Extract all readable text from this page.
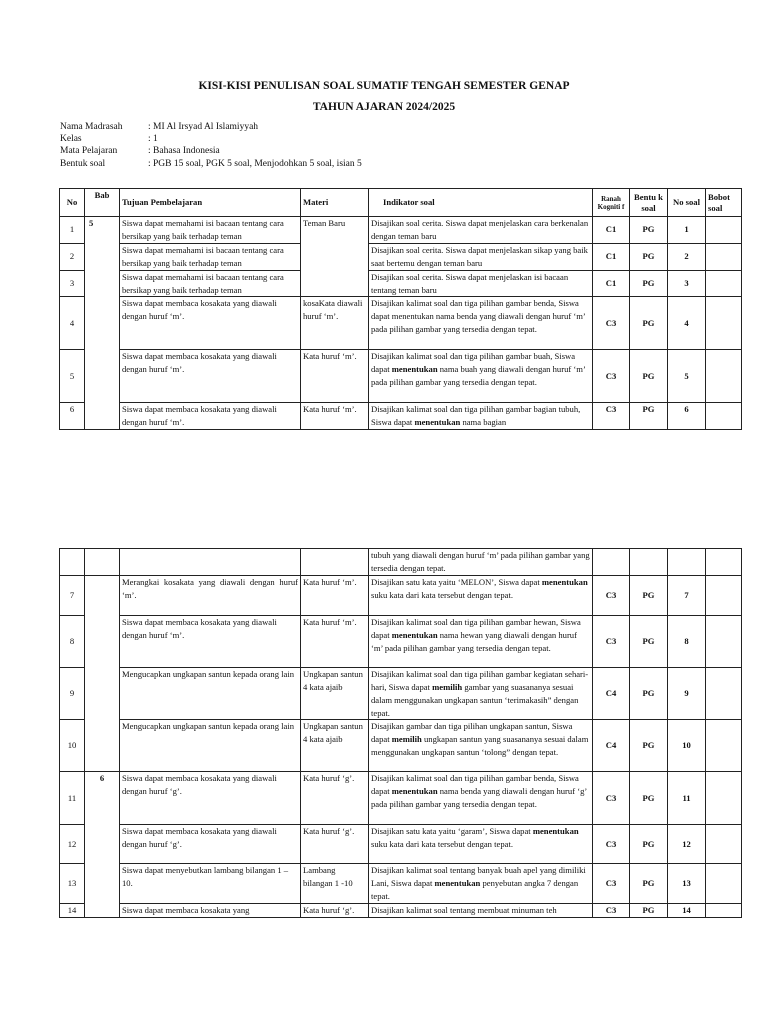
KISI-KISI PENULISAN SOAL SUMATIF TENGAH SEMESTER GENAP
TAHUN AJARAN 2024/2025
Nama Madrasah	: MI Al Irsyad Al Islamiyyah
Kelas	: 1
Mata Pelajaran	: Bahasa Indonesia
Bentuk soal	: PGB 15 soal, PGK 5 soal, Menjodohkan 5 soal, isian 5
No	Bab	Tujuan Pembelajaran	Materi	Indikator soal	Ranah Kogniti f	Bentu k soal	No soal	Bobot soal
1	5	Siswa dapat memahami isi bacaan tentang cara bersikap yang baik terhadap teman	Teman Baru	Disajikan soal cerita. Siswa dapat menjelaskan cara berkenalan dengan teman baru	C1	PG	1	
2		Siswa dapat memahami isi bacaan tentang cara bersikap yang baik terhadap teman		Disajikan soal cerita. Siswa dapat menjelaskan sikap yang baik saat bertemu dengan teman baru	C1	PG	2	
3		Siswa dapat memahami isi bacaan tentang cara bersikap yang baik terhadap teman		Disajikan soal cerita. Siswa dapat menjelaskan isi bacaan tentang teman baru	C1	PG	3	
4		Siswa dapat membaca kosakata yang diawali dengan huruf ‘m’.	kosaKata diawali huruf ‘m’.	Disajikan kalimat soal dan tiga pilihan gambar benda, Siswa dapat menentukan nama benda yang diawali dengan huruf ‘m’ pada pilihan gambar yang tersedia dengan tepat.	C3	PG	4	
5		Siswa dapat membaca kosakata yang diawali dengan huruf ‘m’.	Kata huruf ‘m’.	Disajikan kalimat soal dan tiga pilihan gambar buah, Siswa dapat menentukan nama buah yang diawali dengan huruf ‘m’ pada pilihan gambar yang tersedia dengan tepat.	C3	PG	5	
6		Siswa dapat membaca kosakata yang diawali dengan huruf ‘m’.	Kata huruf ‘m’.	Disajikan kalimat soal dan tiga pilihan gambar bagian tubuh, Siswa dapat menentukan nama bagian	C3	PG	6	
				tubuh yang diawali dengan huruf ‘m’ pada pilihan gambar yang tersedia dengan tepat.				
7		Merangkai kosakata yang diawali dengan huruf ‘m’.	Kata huruf ‘m’.	Disajikan satu kata yaitu ‘MELON’, Siswa dapat menentukan suku kata dari kata tersebut dengan tepat.	C3	PG	7	
8		Siswa dapat membaca kosakata yang diawali dengan huruf ‘m’.	Kata huruf ‘m’.	Disajikan kalimat soal dan tiga pilihan gambar hewan, Siswa dapat menentukan nama hewan yang diawali dengan huruf ‘m’ pada pilihan gambar yang tersedia dengan tepat.	C3	PG	8	
9		Mengucapkan ungkapan santun kepada orang lain	Ungkapan santun 4 kata ajaib	Disajikan kalimat soal dan tiga pilihan gambar kegiatan sehari-hari, Siswa dapat memilih gambar yang suasananya sesuai dalam menggunakan ungkapan santun ‘terimakasih” dengan tepat.	C4	PG	9	
10		Mengucapkan ungkapan santun kepada orang lain	Ungkapan santun 4 kata ajaib	Disajikan gambar dan tiga pilihan ungkapan santun, Siswa dapat memilih ungkapan santun yang suasananya sesuai dalam menggunakan ungkapan santun ‘tolong” dengan tepat.	C4	PG	10	
11	6	Siswa dapat membaca kosakata yang diawali dengan huruf ‘g’.	Kata huruf ‘g’.	Disajikan kalimat soal dan tiga pilihan gambar benda, Siswa dapat menentukan nama benda yang diawali dengan huruf ‘g’ pada pilihan gambar yang tersedia dengan tepat.	C3	PG	11	
12		Siswa dapat membaca kosakata yang diawali dengan huruf ‘g’.	Kata huruf ‘g’.	Disajikan satu kata yaitu ‘garam’, Siswa dapat menentukan suku kata dari kata tersebut dengan tepat.	C3	PG	12	
13		Siswa dapat menyebutkan lambang bilangan 1 – 10.	Lambang bilangan 1 -10	Disajikan kalimat soal tentang banyak buah apel yang dimiliki Lani, Siswa dapat menentukan penyebutan angka 7 dengan tepat.	C3	PG	13	
14		Siswa dapat membaca kosakata yang	Kata huruf ‘g’.	Disajikan kalimat soal tentang membuat minuman teh	C3	PG	14	
